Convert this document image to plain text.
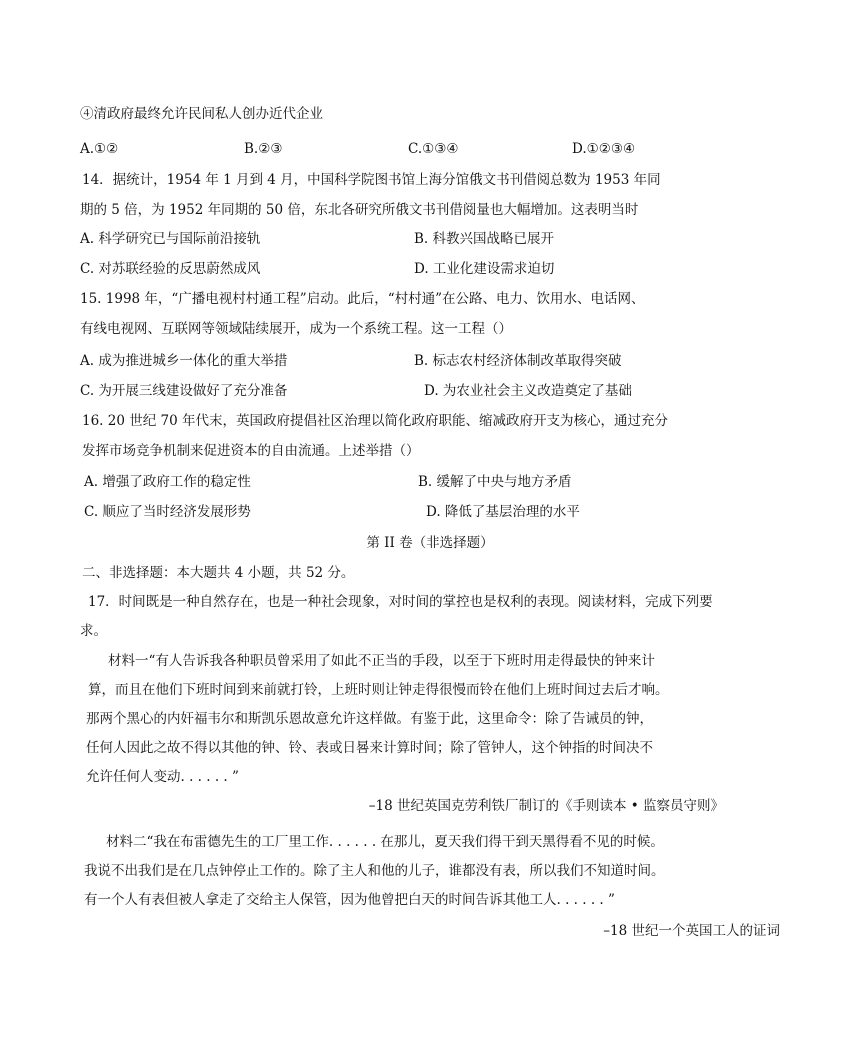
④清政府最终允许民间私人创办近代企业
A.①②	B.②③	C.①③④	D.①②③④
14．据统计，1954 年 1 月到 4 月，中国科学院图书馆上海分馆俄文书刊借阅总数为 1953 年同
期的 5 倍，为 1952 年同期的 50 倍，东北各研究所俄文书刊借阅量也大幅增加。这表明当时
A. 科学研究已与国际前沿接轨	B. 科教兴国战略已展开
C. 对苏联经验的反思蔚然成风	D. 工业化建设需求迫切
15. 1998 年，“广播电视村村通工程”启动。此后，“村村通”在公路、电力、饮用水、电话网、
有线电视网、互联网等领域陆续展开，成为一个系统工程。这一工程（）
A. 成为推进城乡一体化的重大举措	B. 标志农村经济体制改革取得突破
C. 为开展三线建设做好了充分准备	D. 为农业社会主义改造奠定了基础
16. 20 世纪 70 年代末，英国政府提倡社区治理以简化政府职能、缩减政府开支为核心，通过充分
发挥市场竞争机制来促进资本的自由流通。上述举措（）
A. 增强了政府工作的稳定性	B. 缓解了中央与地方矛盾
C. 顺应了当时经济发展形势	D. 降低了基层治理的水平
第 II 卷（非选择题）
二、非选择题：本大题共 4 小题，共 52 分。
17．时间既是一种自然存在，也是一种社会现象，对时间的掌控也是权利的表现。阅读材料，完成下列要
求。
材料一“有人告诉我各种职员曾采用了如此不正当的手段，以至于下班时用走得最快的钟来计
算，而且在他们下班时间到来前就打铃，上班时则让钟走得很慢而铃在他们上班时间过去后才响。
那两个黑心的内奸福韦尔和斯凯乐恩故意允许这样做。有鉴于此，这里命令：除了告诫员的钟，
任何人因此之故不得以其他的钟、铃、表或日晷来计算时间；除了管钟人，这个钟指的时间决不
允许任何人变动. . . . . . ”
–18 世纪英国克劳利铁厂制订的《手则读本 • 监察员守则》
材料二“我在布雷德先生的工厂里工作. . . . . . 在那儿，夏天我们得干到天黑得看不见的时候。
我说不出我们是在几点钟停止工作的。除了主人和他的儿子，谁都没有表，所以我们不知道时间。
有一个人有表但被人拿走了交给主人保管，因为他曾把白天的时间告诉其他工人. . . . . . ”
–18 世纪一个英国工人的证词
